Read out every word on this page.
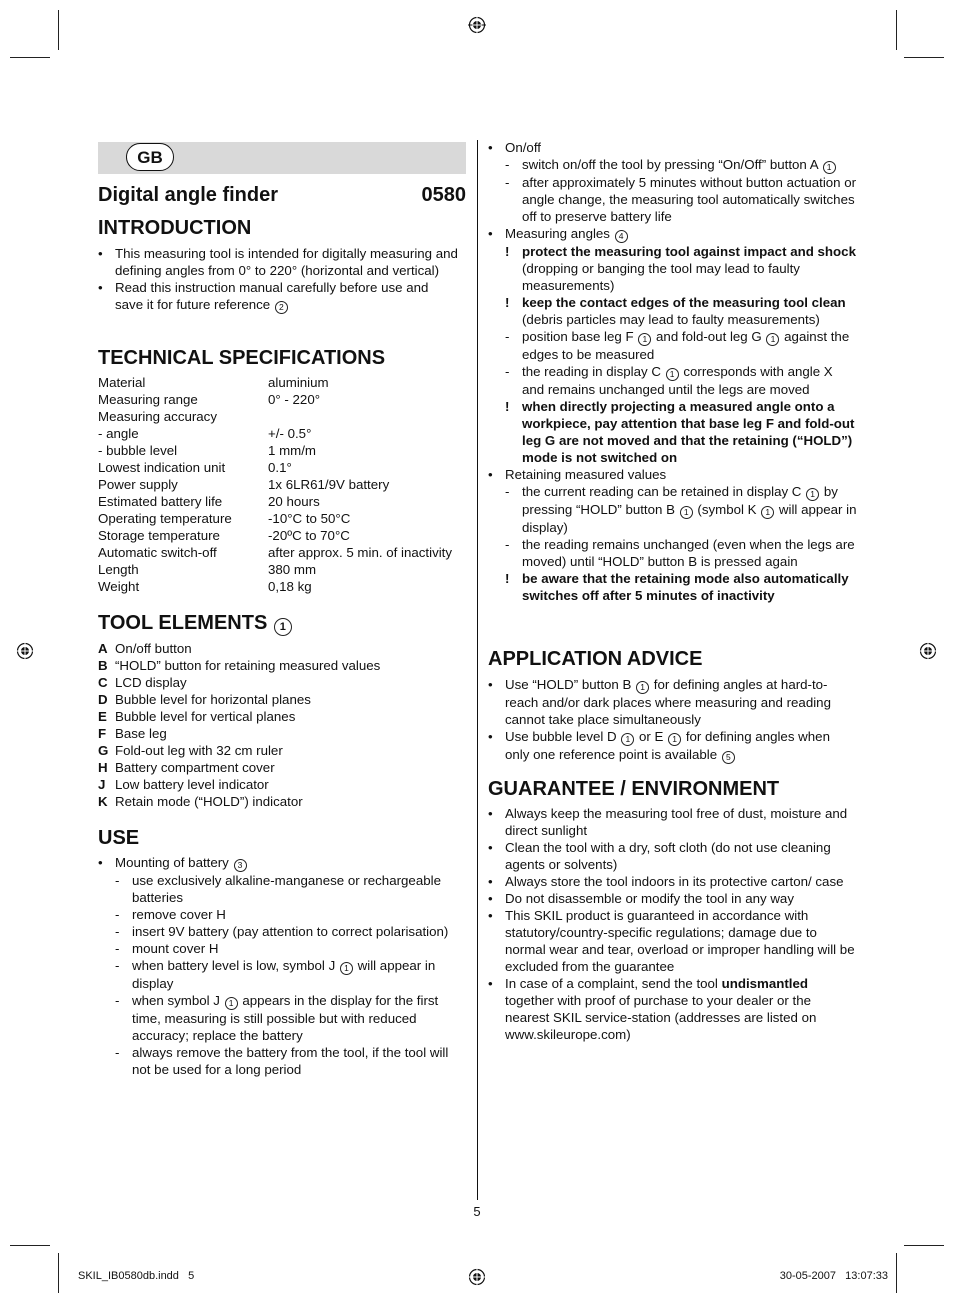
GB
Digital angle finder	0580
INTRODUCTION
• This measuring tool is intended for digitally measuring and defining angles from 0° to 220° (horizontal and vertical)
• Read this instruction manual carefully before use and save it for future reference 2
TECHNICAL SPECIFICATIONS
Material	aluminium
Measuring range	0° - 220°
Measuring accuracy
- angle	+/- 0.5°
- bubble level	1 mm/m
Lowest indication unit	0.1°
Power supply	1x 6LR61/9V battery
Estimated battery life	20 hours
Operating temperature	-10°C to 50°C
Storage temperature	-20ºC to 70°C
Automatic switch-off	after approx. 5 min. of inactivity
Length	380 mm
Weight	0,18 kg
TOOL ELEMENTS 1
A On/off button
B “HOLD” button for retaining measured values
C LCD display
D Bubble level for horizontal planes
E Bubble level for vertical planes
F Base leg
G Fold-out leg with 32 cm ruler
H Battery compartment cover
J Low battery level indicator
K Retain mode (“HOLD”) indicator
USE
• Mounting of battery 3
- use exclusively alkaline-manganese or rechargeable batteries
- remove cover H
- insert 9V battery (pay attention to correct polarisation)
- mount cover H
- when battery level is low, symbol J 1 will appear in display
- when symbol J 1 appears in the display for the first time, measuring is still possible but with reduced accuracy; replace the battery
- always remove the battery from the tool, if the tool will not be used for a long period
• On/off
- switch on/off the tool by pressing “On/Off” button A 1
- after approximately 5 minutes without button actuation or angle change, the measuring tool automatically switches off to preserve battery life
• Measuring angles 4
! protect the measuring tool against impact and shock (dropping or banging the tool may lead to faulty measurements)
! keep the contact edges of the measuring tool clean (debris particles may lead to faulty measurements)
- position base leg F 1 and fold-out leg G 1 against the edges to be measured
- the reading in display C 1 corresponds with angle X and remains unchanged until the legs are moved
! when directly projecting a measured angle onto a workpiece, pay attention that base leg F and fold-out leg G are not moved and that the retaining (“HOLD”) mode is not switched on
• Retaining measured values
- the current reading can be retained in display C 1 by pressing “HOLD” button B 1 (symbol K 1 will appear in display)
- the reading remains unchanged (even when the legs are moved) until “HOLD” button B is pressed again
! be aware that the retaining mode also automatically switches off after 5 minutes of inactivity
APPLICATION ADVICE
• Use “HOLD” button B 1 for defining angles at hard-to-reach and/or dark places where measuring and reading cannot take place simultaneously
• Use bubble level D 1 or E 1 for defining angles when only one reference point is available 5
GUARANTEE / ENVIRONMENT
• Always keep the measuring tool free of dust, moisture and direct sunlight
• Clean the tool with a dry, soft cloth (do not use cleaning agents or solvents)
• Always store the tool indoors in its protective carton/ case
• Do not disassemble or modify the tool in any way
• This SKIL product is guaranteed in accordance with statutory/country-specific regulations; damage due to normal wear and tear, overload or improper handling will be excluded from the guarantee
• In case of a complaint, send the tool undismantled together with proof of purchase to your dealer or the nearest SKIL service-station (addresses are listed on www.skileurope.com)
5
SKIL_IB0580db.indd   5	30-05-2007   13:07:33
